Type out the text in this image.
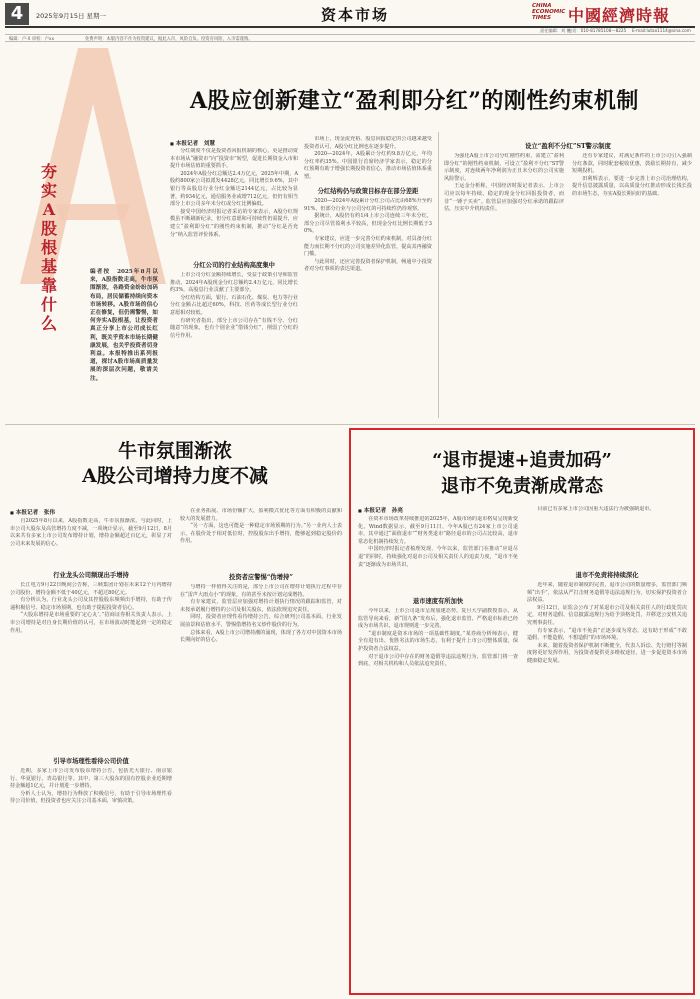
4	2025年9月15日 星期一	资本市场	CHINA
ECONOMIC
TIMES	中國經濟時報
责任编辑：刘 艳
电话：010-81785108—8225 E-mail:lutao1114@sina.com
编辑：卢·X 审校：卢xx	免费声明：本版内容不作为投资建议，据此入市，风险自负。投资有风险，入市需谨慎。
夯实A股根基靠什么
A股应创新建立“盈利即分红”的刚性约束机制
编者按　2025年8月以来，A股指数走高，牛市氛围渐浓，各路资金纷纷加码布局，居民储蓄持续向资本市场转移。A股市场的信心正在修复，但仍需警惕，如何夯实A股根基，让投资者真正分享上市公司成长红利，既关乎资本市场长期健康发展，也关乎投资者切身利益。本报特推出系列报道，探讨A股市场高质量发展的深层次问题，敬请关注。
■ 本报记者　刘慧

分红制度不仅是投资者回报机制的核心，更是推动资本市场从“融资市”向“投资市”转型，促进长期资金入市和提升市场估值的重要抓手。

2024年A股分红总额达2.4万亿元，2025年中期，A股约800家公司拟派发4428亿元，同比增长9.6%，其中银行等高股息行业分红金额达2144亿元，占比较为显著，约934亿元，通信服务业或增712亿元，但仍有相当部分上市公司多年未分红或分红比例偏低。

接受中国经济时报记者采访的专家表示，A股分红规模虽不断刷新纪录，但分红意愿和可持续性仍需提升，应建立“盈利即分红”的刚性约束机制，推动“分红是否充分”纳入监管评价体系。

分红公司的行业结构高度集中

上市公司分红金额持续增长，受益于政策引导和监管推动。2024年A股现金分红总额约2.4万亿元，同比增长约3%，高股息行业贡献了主要部分。

分红结构方面，银行、石油石化、煤炭、电力等行业分红金额占比超过60%，科技、医药等成长型行业分红意愿相对较低。

有研究者指出，部分上市公司存在“有钱不分、分红随意”的现象，也有个别企业“借钱分红”，削弱了分红的信号作用。

市场上，现金流充裕、股息回报稳定的公司越来越受投资者认可，A股分红比例也在逐步提升。

2020—2024年，A股累计分红约9.8万亿元，年均分红率约35%。中国银行首席经济学家表示，稳定的分红预期有助于增强长期投资者信心，推动市场估值体系重塑。

分红结构仍与政策目标存在部分差距

2020—2024年A股累计分红公司占比由68%升至约91%，但部分行业与公司分红的可持续性仍待观察。

据统计，A股仍有约1/4上市公司连续三年未分红，部分公司尽管盈利水平较高，但现金分红比例长期低于30%。

专家建议，应进一步完善分红约束机制，对具备分红能力而长期不分红的公司实施差异化监管，提高其再融资门槛。

与此同时，还应完善投资者保护机制，畅通中小投资者对分红事项的表达渠道。

设立“盈利不分红”ST警示制度

为强化A股上市公司分红刚性约束，需建立“盈利即分红”的刚性约束机制，可设立“盈利不分红”ST警示制度，对连续两年净利润为正且未分红的公司实施风险警示。

王运金分析称，中国经济时报记者表示，上市公司应以每年持续、稳定的现金分红回报投资者，而非“一锤子买卖”。监管层应加强对分红承诺的跟踪评估，压实中介机构责任。

还有专家建议，对满足条件的上市公司引入强制分红条款，同时配套税收优惠，鼓励长期持有，减少短期投机。

田利辉表示，要进一步完善上市公司治理结构，提升信息披露质量，以高质量分红推动形成长钱长投的市场生态，夯实A股长期向好的基础。

牛市氛围渐浓
A股公司增持力度不减
■ 本报记者　张伟

自2025年8月以来，A股指数走高，牛市氛围渐浓。与此同时，上市公司大股东及高管增持力度不减，一项统计显示，截至9月12日，8月以来共有多家上市公司发布增持计划，增持金额超过百亿元，彰显了对公司未来发展的信心。

行业龙头公司频现出手增持

长江电力9月22日晚间公告称，三峡集团计划在未来12个月内增持公司股份，增持金额不低于40亿元，不超过80亿元。

有分析认为，行业龙头公司及其控股股东频频出手增持，有助于传递积极信号、稳定市场预期，也有助于提振投资者信心。

“大股东增持是市场重要的‘定心丸’。”招商证券相关负责人表示，上市公司增持是对自身长期价值的认可，在市场波动时能起到一定的稳定作用。

引导市场理性看待公司价值

近期，多家上市公司发布股东增持公告，包括光大银行、南京银行、华夏银行、青岛银行等。其中，第三大股东的国有控股企业近期增持金额超1亿元，并计划进一步增持。

分析人士认为，增持行为释放了积极信号，有助于引导市场理性看待公司价值，但投资者也应关注公司基本面，审慎决策。

在业务拓展、市场份额扩大、盈利模式优化等方面有积极的贡献和较大的发展潜力。

“另一方面，这也可能是一种稳定市场预期的行为。”另一业内人士表示，在股价处于相对低位时，控股股东出手增持，能够起到稳定股价的作用。

投资者应警惕“伪增持”

与增持一样值得关注的是，部分上市公司在增持计划执行过程中存在“雷声大雨点小”的现象，有的甚至未按计划完成增持。

有专家建议，监管层应加强对增持计划执行情况的跟踪和监管，对未按承诺履行增持的公司及相关股东，依法依规追究责任。

同时，投资者应理性看待增持公告，综合研判公司基本面、行业发展前景和估值水平，警惕借增持名义炒作股价的行为。

总体来看，A股上市公司增持潮的涌现，体现了各方对中国资本市场长期向好的信心。

“退市提速+追责加码”
退市不免责渐成常态
■ 本报记者　孙亮

在资本市场改革持续推进的2025年，A股市场的退市格局呈现新变化。Wind数据显示，截至9月11日，今年A股已有24家上市公司退市，其中通过“面值退市”“财务类退市”路径退市的公司占比较高，退市常态化机制持续发力。

中国经济时报记者梳理发现，今年以来，监管部门在推动“应退尽退”的同时，持续强化对退市公司及相关责任人的追责力度，“退市不免责”逐渐成为市场共识。

退市速度有所加快

今年以来，上市公司退市呈现加速态势。复旦大学副教授表示，从监管导向来看，新“国九条”发布后，强化退市监管、严格退市标准已经成为市场共识，退市规则进一步完善。

“退市制度是资本市场的一项基础性制度。”某券商分析师表示，健全有进有出、优胜劣汰的市场生态，有利于提升上市公司整体质量，保护投资者合法权益。

对于退市公司中存在的财务造假等违法违规行为，监管部门将一查到底，对相关机构和人员依法追究责任。

目前已有多家上市公司因重大违法行为被强制退市。

退市不免责将持续深化

近年来，随着退市制度的完善，退市公司的数量增多，监管部门频频“出手”，依法从严打击财务造假等违法违规行为，切实保护投资者合法权益。

9月12日，证监会公布了对某退市公司及相关责任人的行政处罚决定，对财务造假、信息披露违规行为给予顶格处罚，并移送公安机关追究刑事责任。

有专家表示，“退市不免责”正逐步成为常态，这有助于形成“不敢造假、不能造假、不想造假”的市场环境。

未来，随着投资者保护机制不断健全，代表人诉讼、先行赔付等制度将更好发挥作用，为投资者提供更多维权途径，进一步促进资本市场健康稳定发展。
